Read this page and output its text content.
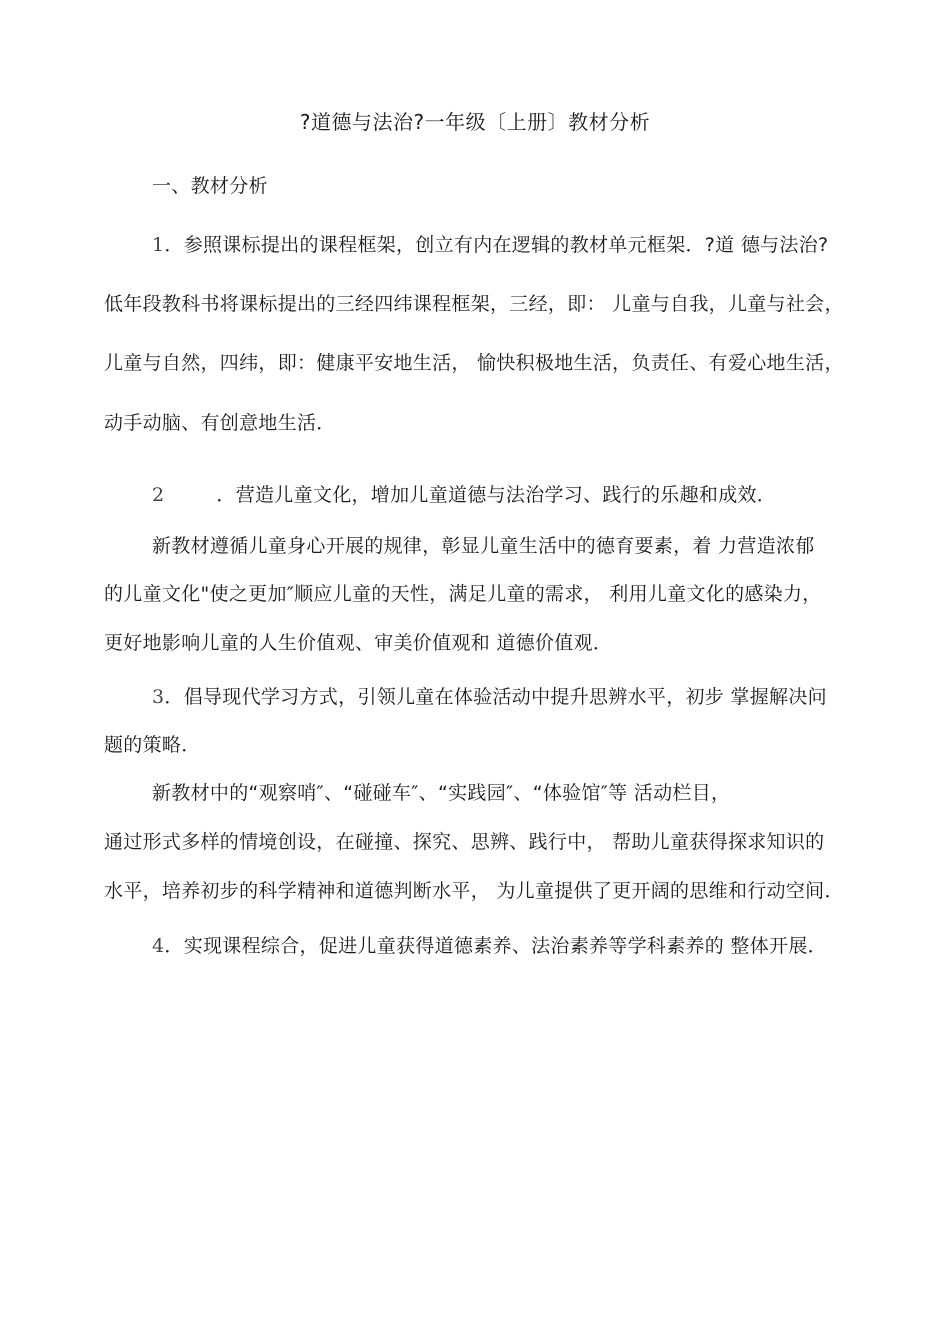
?道德与法治?一年级〔上册〕教材分析
一、教材分析
1．参照课标提出的课程框架，创立有内在逻辑的教材单元框架．?道 德与法治?
低年段教科书将课标提出的三经四纬课程框架，三经，即： 儿童与自我，儿童与社会，
儿童与自然，四纬，即：健康平安地生活， 愉快积极地生活，负责任、有爱心地生活，
动手动脑、有创意地生活．
2	．营造儿童文化，增加儿童道德与法治学习、践行的乐趣和成效．
新教材遵循儿童身心开展的规律，彰显儿童生活中的德育要素，着 力营造浓郁
的儿童文化"使之更加″顺应儿童的天性，满足儿童的需求， 利用儿童文化的感染力，
更好地影响儿童的人生价值观、审美价值观和 道德价值观．
3．倡导现代学习方式，引领儿童在体验活动中提升思辨水平，初步 掌握解决问
题的策略．
新教材中的“观察哨″、“碰碰车″、“实践园″、“体验馆″等 活动栏目，
通过形式多样的情境创设，在碰撞、探究、思辨、践行中， 帮助儿童获得探求知识的
水平，培养初步的科学精神和道德判断水平， 为儿童提供了更开阔的思维和行动空间．
4．实现课程综合，促进儿童获得道德素养、法治素养等学科素养的 整体开展．
